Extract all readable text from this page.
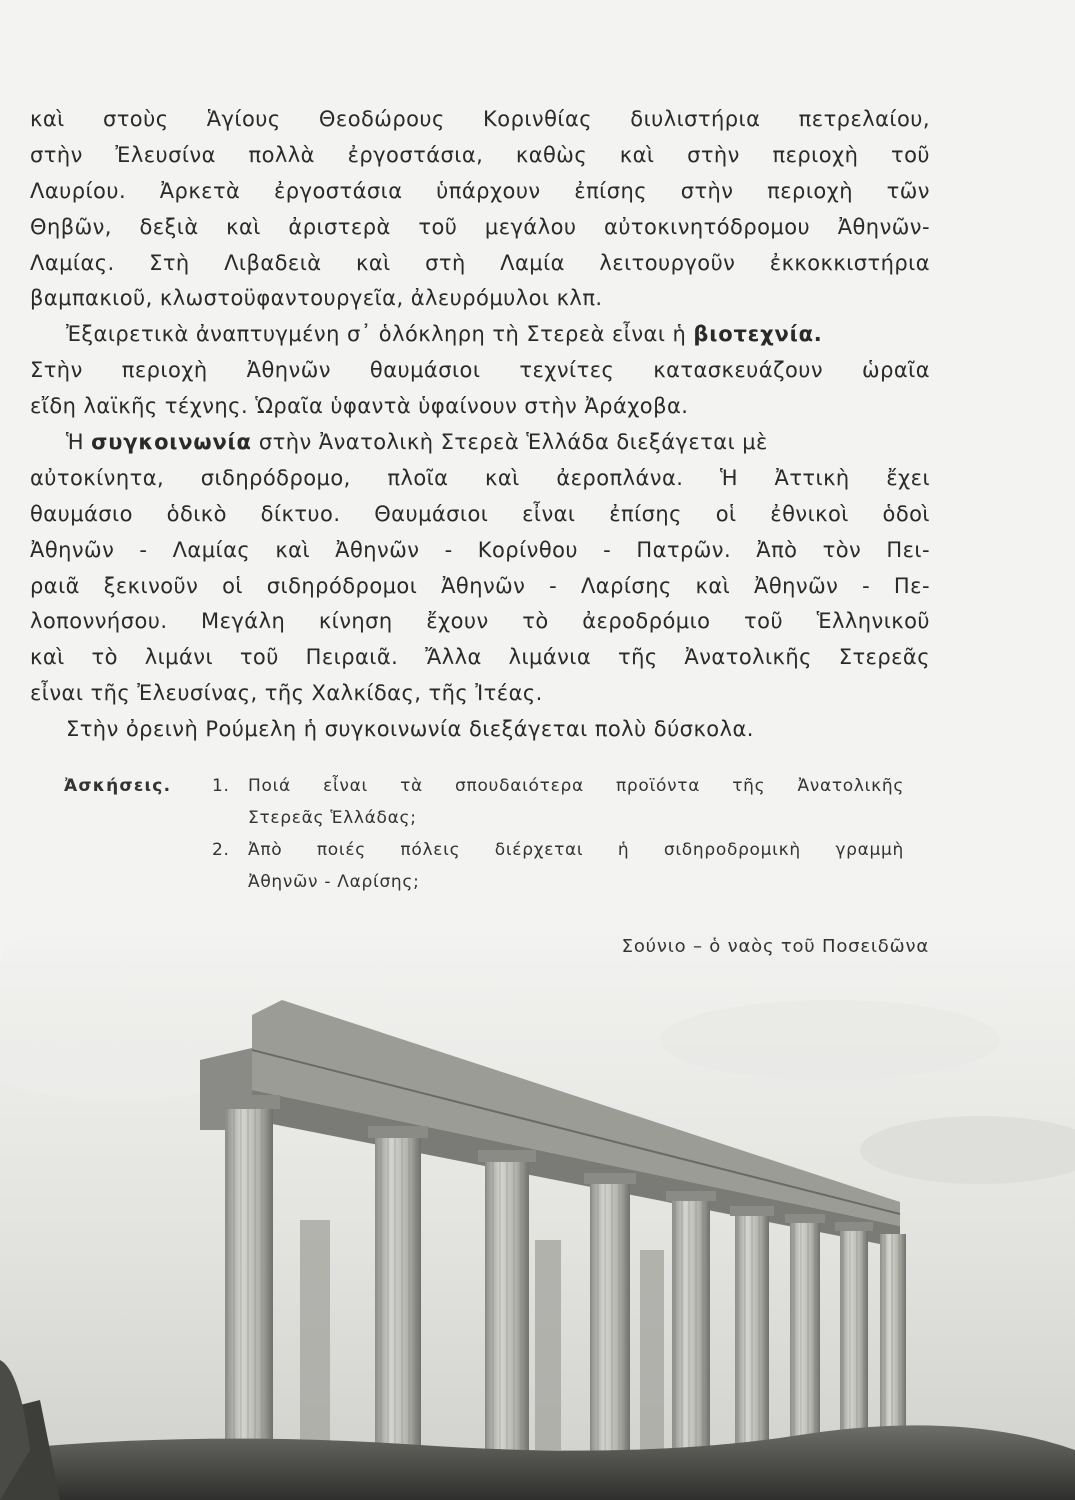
καὶ στοὺς Ἁγίους Θεοδώρους Κορινθίας διυλιστήρια πετρελαίου,
στὴν Ἐλευσίνα πολλὰ ἐργοστάσια, καθὼς καὶ στὴν περιοχὴ τοῦ
Λαυρίου. Ἀρκετὰ ἐργοστάσια ὑπάρχουν ἐπίσης στὴν περιοχὴ τῶν
Θηβῶν, δεξιὰ καὶ ἀριστερὰ τοῦ μεγάλου αὐτοκινητόδρομου Ἀθηνῶν-
Λαμίας. Στὴ Λιβαδειὰ καὶ στὴ Λαμία λειτουργοῦν ἐκκοκκιστήρια
βαμπακιοῦ, κλωστοϋφαντουργεῖα, ἀλευρόμυλοι κλπ.
Ἐξαιρετικὰ ἀναπτυγμένη σ᾽ ὁλόκληρη τὴ Στερεὰ εἶναι ἡ βιοτεχνία.
Στὴν περιοχὴ Ἀθηνῶν θαυμάσιοι τεχνίτες κατασκευάζουν ὡραῖα
εἴδη λαϊκῆς τέχνης. Ὡραῖα ὑφαντὰ ὑφαίνουν στὴν Ἀράχοβα.
Ἡ συγκοινωνία στὴν Ἀνατολικὴ Στερεὰ Ἑλλάδα διεξάγεται μὲ
αὐτοκίνητα, σιδηρόδρομο, πλοῖα καὶ ἀεροπλάνα. Ἡ Ἀττικὴ ἔχει
θαυμάσιο ὁδικὸ δίκτυο. Θαυμάσιοι εἶναι ἐπίσης οἱ ἐθνικοὶ ὁδοὶ
Ἀθηνῶν - Λαμίας καὶ Ἀθηνῶν - Κορίνθου - Πατρῶν. Ἀπὸ τὸν Πει-
ραιᾶ ξεκινοῦν οἱ σιδηρόδρομοι Ἀθηνῶν - Λαρίσης καὶ Ἀθηνῶν - Πε-
λοποννήσου. Μεγάλη κίνηση ἔχουν τὸ ἀεροδρόμιο τοῦ Ἑλληνικοῦ
καὶ τὸ λιμάνι τοῦ Πειραιᾶ. Ἄλλα λιμάνια τῆς Ἀνατολικῆς Στερεᾶς
εἶναι τῆς Ἐλευσίνας, τῆς Χαλκίδας, τῆς Ἰτέας.
Στὴν ὀρεινὴ Ρούμελη ἡ συγκοινωνία διεξάγεται πολὺ δύσκολα.
Ἀσκήσεις. 1. Ποιά εἶναι τὰ σπουδαιότερα προϊόντα τῆς Ἀνατολικῆς
Στερεᾶς Ἑλλάδας;
2. Ἀπὸ ποιές πόλεις διέρχεται ἡ σιδηροδρομικὴ γραμμὴ
Ἀθηνῶν - Λαρίσης;
Σούνιο – ὁ ναὸς τοῦ Ποσειδῶνα
